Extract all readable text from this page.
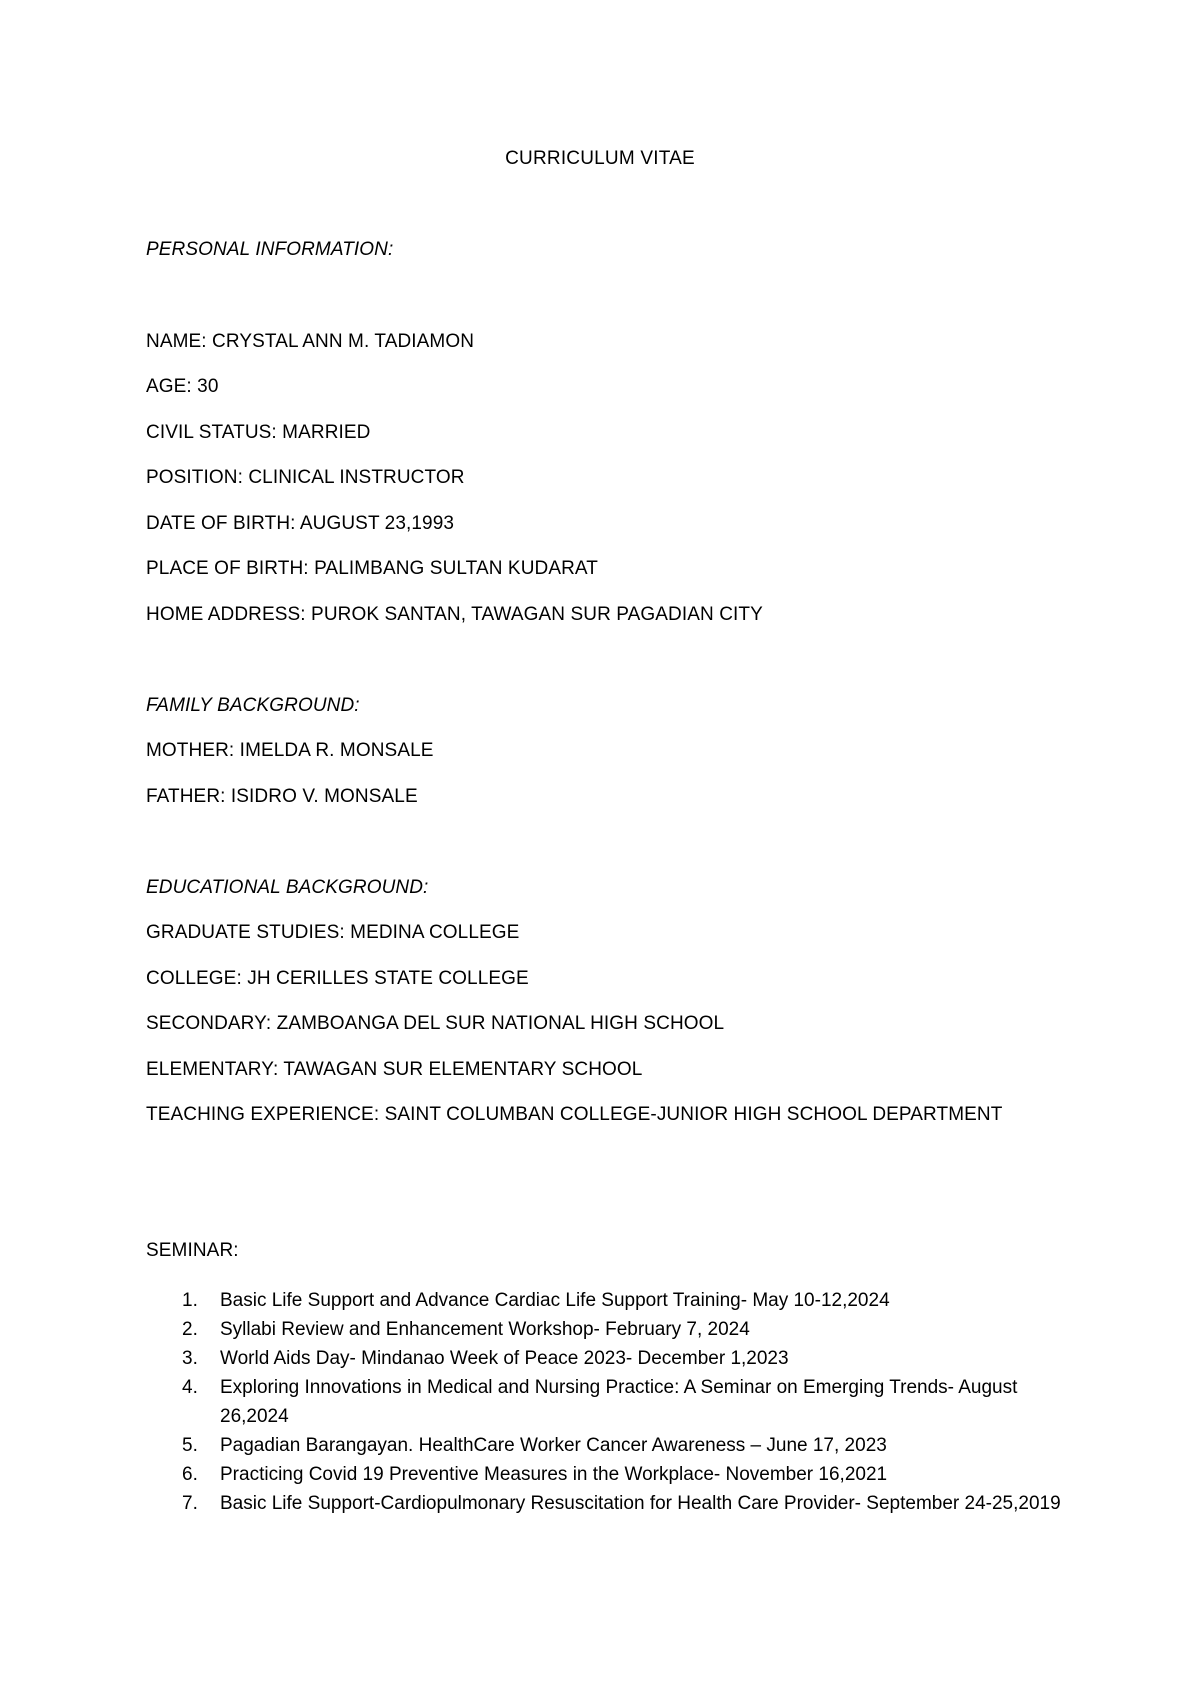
CURRICULUM VITAE
PERSONAL INFORMATION:
NAME: CRYSTAL ANN M. TADIAMON
AGE: 30
CIVIL STATUS: MARRIED
POSITION: CLINICAL INSTRUCTOR
DATE OF BIRTH: AUGUST 23,1993
PLACE OF BIRTH: PALIMBANG SULTAN KUDARAT
HOME ADDRESS: PUROK SANTAN, TAWAGAN SUR PAGADIAN CITY
FAMILY BACKGROUND:
MOTHER: IMELDA R. MONSALE
FATHER: ISIDRO V. MONSALE
EDUCATIONAL BACKGROUND:
GRADUATE STUDIES: MEDINA COLLEGE
COLLEGE: JH CERILLES STATE COLLEGE
SECONDARY: ZAMBOANGA DEL SUR NATIONAL HIGH SCHOOL
ELEMENTARY: TAWAGAN SUR ELEMENTARY SCHOOL
TEACHING EXPERIENCE: SAINT COLUMBAN COLLEGE-JUNIOR HIGH SCHOOL DEPARTMENT
SEMINAR:
1. Basic Life Support and Advance Cardiac Life Support Training- May 10-12,2024
2. Syllabi Review and Enhancement Workshop- February 7, 2024
3. World Aids Day- Mindanao Week of Peace 2023- December 1,2023
4. Exploring Innovations in Medical and Nursing Practice: A Seminar on Emerging Trends- August 26,2024
5. Pagadian Barangayan. HealthCare Worker Cancer Awareness – June 17, 2023
6. Practicing Covid 19 Preventive Measures in the Workplace- November 16,2021
7. Basic Life Support-Cardiopulmonary Resuscitation for Health Care Provider- September 24-25,2019
